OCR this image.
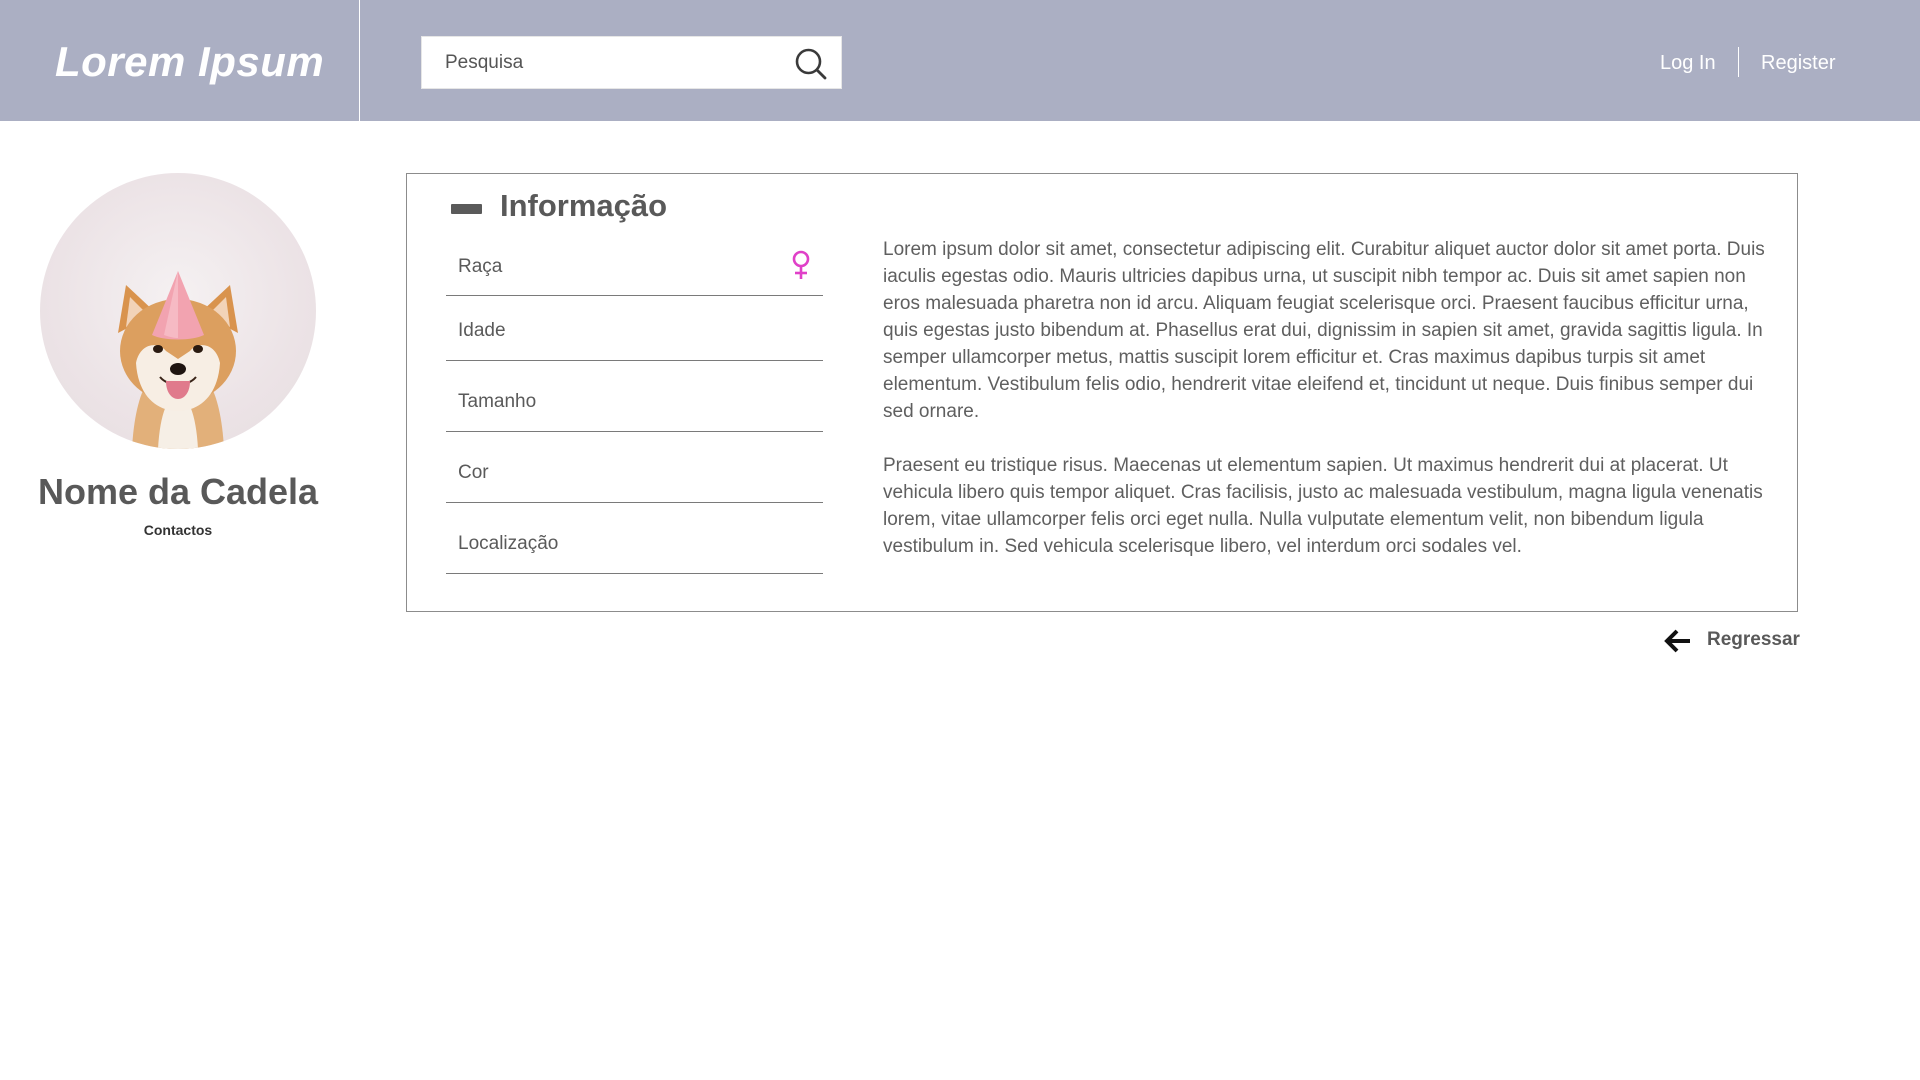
Lorem Ipsum
Pesquisa	Log In Register
Nome da Cadela
Contactos
Informação
Raça
Idade
Tamanho
Cor
Localização

Lorem ipsum dolor sit amet, consectetur adipiscing elit. Curabitur aliquet auctor dolor sit amet porta. Duis iaculis egestas odio. Mauris ultricies dapibus urna, ut suscipit nibh tempor ac. Duis sit amet sapien non eros malesuada pharetra non id arcu. Aliquam feugiat scelerisque orci. Praesent faucibus efficitur urna, quis egestas justo bibendum at. Phasellus erat dui, dignissim in sapien sit amet, gravida sagittis ligula. In semper ullamcorper metus, mattis suscipit lorem efficitur et. Cras maximus dapibus turpis sit amet elementum. Vestibulum felis odio, hendrerit vitae eleifend et, tincidunt ut neque. Duis finibus semper dui sed ornare.

Praesent eu tristique risus. Maecenas ut elementum sapien. Ut maximus hendrerit dui at placerat. Ut vehicula libero quis tempor aliquet. Cras facilisis, justo ac malesuada vestibulum, magna ligula venenatis lorem, vitae ullamcorper felis orci eget nulla. Nulla vulputate elementum velit, non bibendum ligula vestibulum in. Sed vehicula scelerisque libero, vel interdum orci sodales vel.

Regressar
